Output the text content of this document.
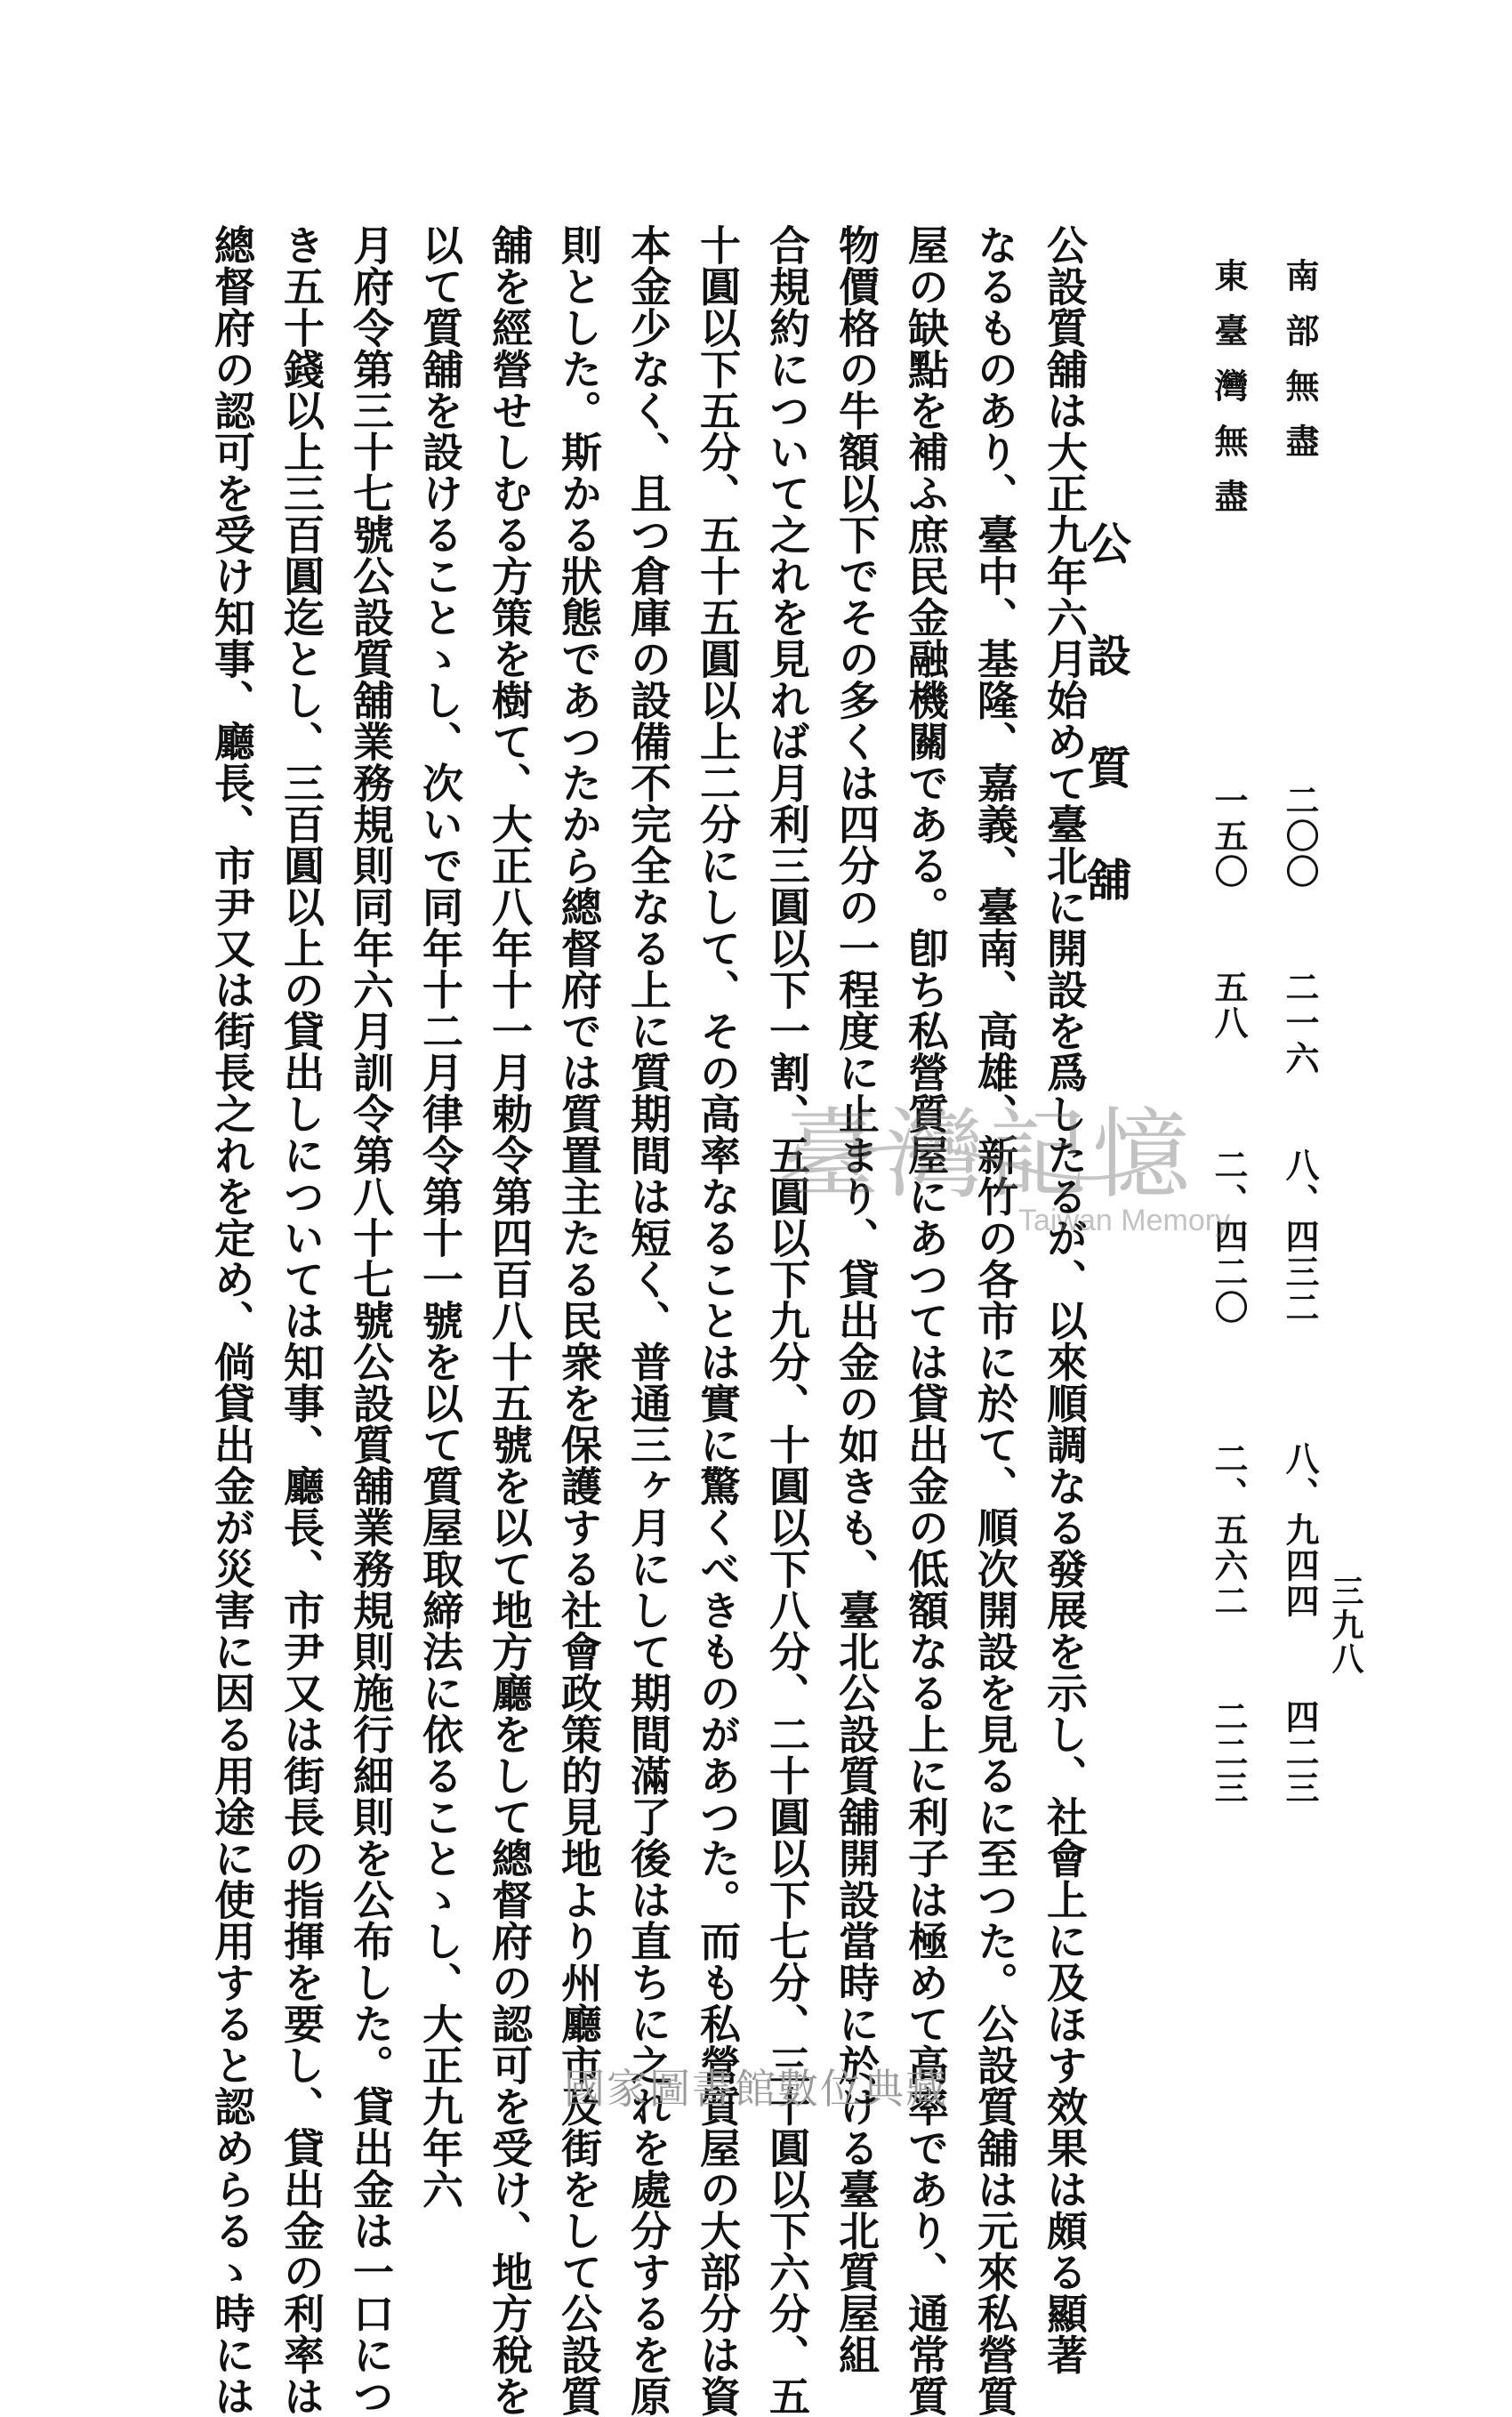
三九八
南部無盡
二〇〇
二一六
八、四三二
八、九四四
四二三
東臺灣無盡
一五〇
五八
二、四二〇
二、五六二
二二三
公設質舖
公設質舖は大正九年六月始めて臺北に開設を爲したるが、以來順調なる發展を示し、社會上に及ほす效果は頗る顯著
なるものあり、臺中、基隆、嘉義、臺南、高雄、新竹の各市に於て、順次開設を見るに至つた。公設質舖は元來私營質
屋の缺點を補ふ庶民金融機關である。卽ち私營質屋にあつては貸出金の低額なる上に利子は極めて高率であり、通常質
物價格の牛額以下でその多くは四分の一程度に止まり、貸出金の如きも、臺北公設質舖開設當時に於ける臺北質屋組
合規約について之れを見れば月利三圓以下一割、五圓以下九分、十圓以下八分、二十圓以下七分、三十圓以下六分、五
十圓以下五分、五十五圓以上二分にして、その高率なることは實に驚くべきものがあつた。而も私營質屋の大部分は資
本金少なく、且つ倉庫の設備不完全なる上に質期間は短く、普通三ヶ月にして期間滿了後は直ちに之れを處分するを原
則とした。斯かる狀態であつたから總督府では質置主たる民衆を保護する社會政策的見地より州廳市及街をして公設質
舖を經營せしむる方策を樹て、大正八年十一月勅令第四百八十五號を以て地方廳をして總督府の認可を受け、地方稅を
以て質舖を設けることゝし、次いで同年十二月律令第十一號を以て質屋取締法に依ることゝし、大正九年六
月府令第三十七號公設質舖業務規則同年六月訓令第八十七號公設質舖業務規則施行細則を公布した。貸出金は一口につ
き五十錢以上三百圓迄とし、三百圓以上の貸出しについては知事、廳長、市尹又は街長の指揮を要し、貸出金の利率は
總督府の認可を受け知事、廳長、市尹又は街長之れを定め、倘貸出金が災害に因る用途に使用すると認めらるゝ時には	臺灣記憶
Taiwan Memory
國家圖書館數位典藏
